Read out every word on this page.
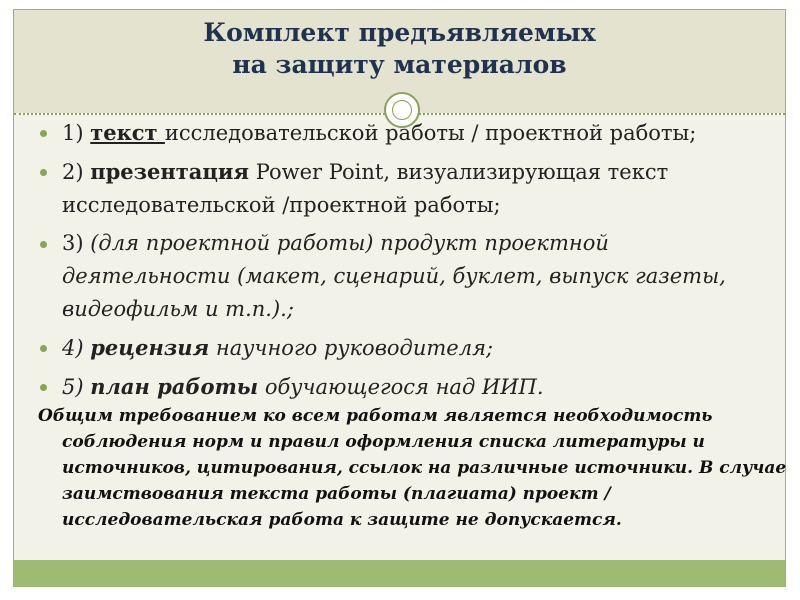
Комплект предъявляемых
на защиту материалов
1) текст исследовательской работы / проектной работы;
2) презентация Power Point, визуализирующая текст исследовательской /проектной работы;
3) (для проектной работы) продукт проектной деятельности (макет, сценарий, буклет, выпуск газеты, видеофильм и т.п.).;
4) рецензия научного руководителя;
5) план работы обучающегося над ИИП.
Общим требованием ко всем работам является необходимость соблюдения норм и правил оформления списка литературы и источников, цитирования, ссылок на различные источники. В случае заимствования текста работы (плагиата) проект / исследовательская работа к защите не допускается.
